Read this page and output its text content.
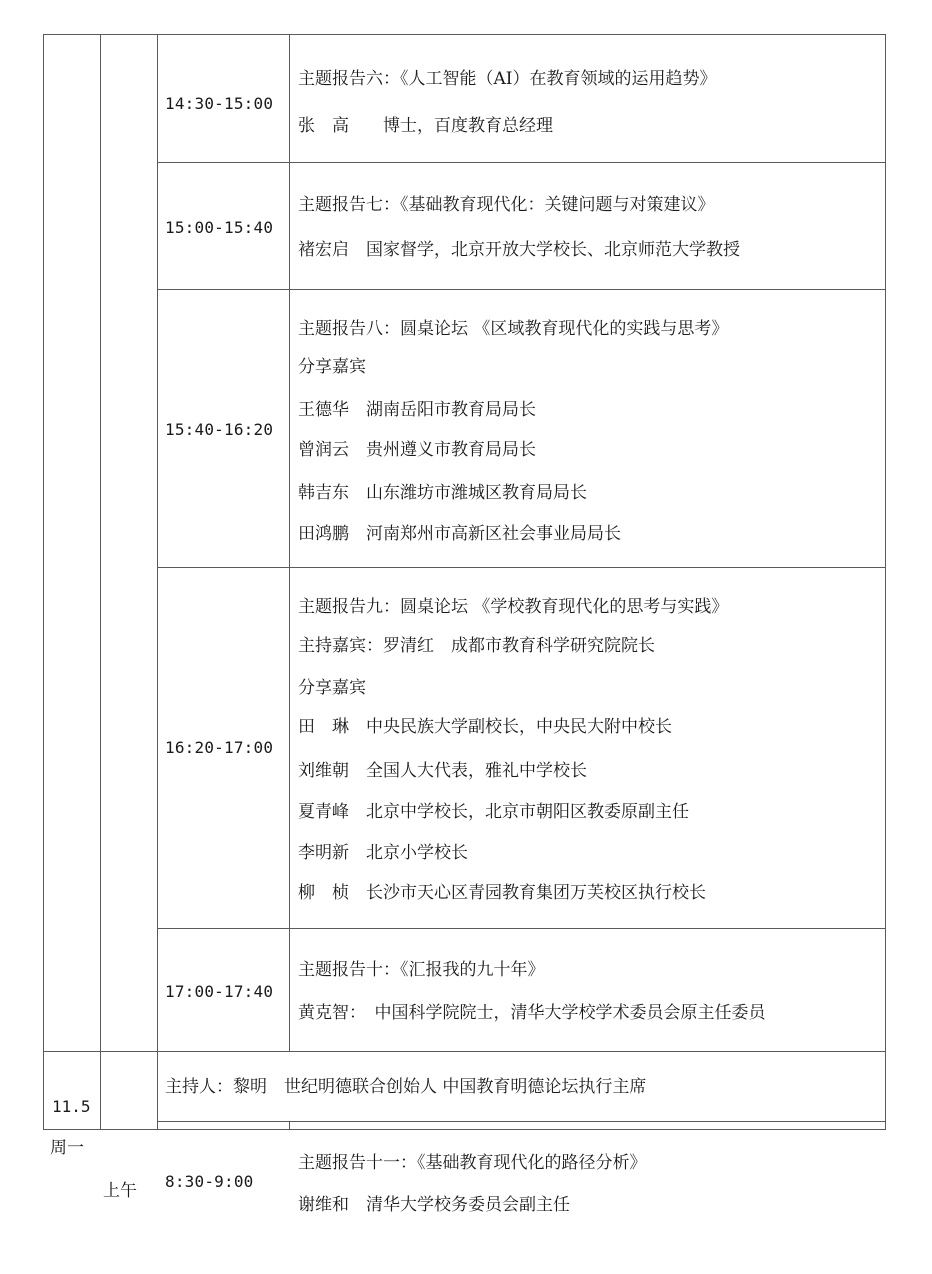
14:30-15:00
主题报告六：《人工智能（AI）在教育领域的运用趋势》
张　高　　博士，百度教育总经理
15:00-15:40
主题报告七：《基础教育现代化：关键问题与对策建议》
褚宏启　国家督学，北京开放大学校长、北京师范大学教授
15:40-16:20
主题报告八：圆桌论坛 《区域教育现代化的实践与思考》
分享嘉宾
王德华　湖南岳阳市教育局局长
曾润云　贵州遵义市教育局局长
韩吉东　山东潍坊市潍城区教育局局长
田鸿鹏　河南郑州市高新区社会事业局局长
16:20-17:00
主题报告九：圆桌论坛 《学校教育现代化的思考与实践》
主持嘉宾：罗清红　成都市教育科学研究院院长
分享嘉宾
田　琳　中央民族大学副校长，中央民大附中校长
刘维朝　全国人大代表，雅礼中学校长
夏青峰　北京中学校长，北京市朝阳区教委原副主任
李明新　北京小学校长
柳　桢　长沙市天心区青园教育集团万芙校区执行校长
17:00-17:40
主题报告十：《汇报我的九十年》
黄克智：　中国科学院院士，清华大学校学术委员会原主任委员
11.5
周一
上午
主持人：黎明　世纪明德联合创始人 中国教育明德论坛执行主席
8:30-9:00
主题报告十一：《基础教育现代化的路径分析》
谢维和　清华大学校务委员会副主任
